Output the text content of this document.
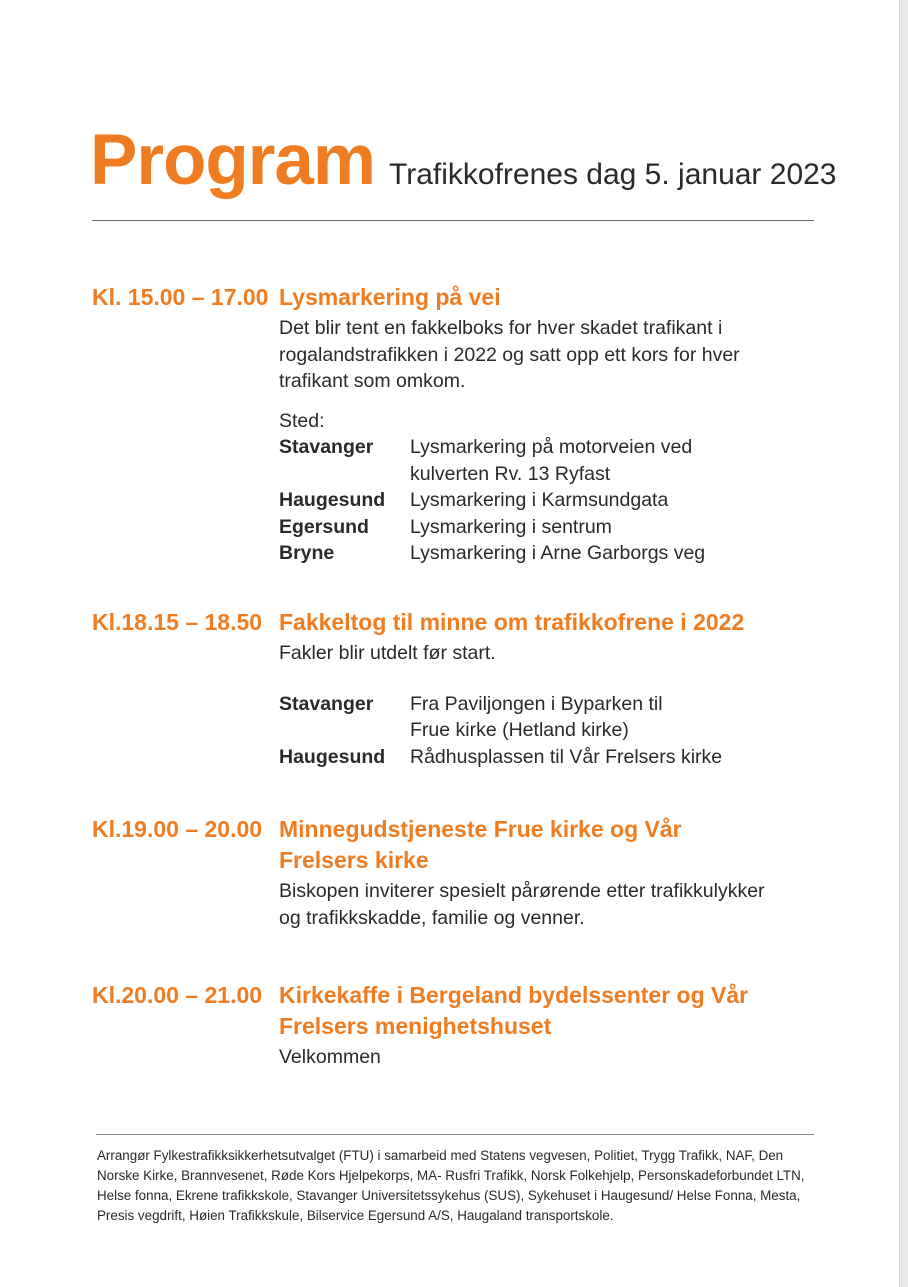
Program Trafikkofrenes dag 5. januar 2023
Kl. 15.00 – 17.00 Lysmarkering på vei
Det blir tent en fakkelboks for hver skadet trafikant i rogalandstrafikken i 2022 og satt opp ett kors for hver trafikant som omkom.
Sted:
Stavanger	Lysmarkering på motorveien ved kulverten Rv. 13 Ryfast
Haugesund	Lysmarkering i Karmsundgata
Egersund	Lysmarkering i sentrum
Bryne	Lysmarkering i Arne Garborgs veg
Kl.18.15 – 18.50 Fakkeltog til minne om trafikkofrene i 2022
Fakler blir utdelt før start.
Stavanger	Fra Paviljongen i Byparken til Frue kirke (Hetland kirke)
Haugesund	Rådhusplassen til Vår Frelsers kirke
Kl.19.00 – 20.00 Minnegudstjeneste Frue kirke og Vår Frelsers kirke
Biskopen inviterer spesielt pårørende etter trafikkulykker og trafikkskadde, familie og venner.
Kl.20.00 – 21.00 Kirkekaffe i Bergeland bydelssenter og Vår Frelsers menighetshuset
Velkommen
Arrangør Fylkestrafikksikkerhetsutvalget (FTU) i samarbeid med Statens vegvesen, Politiet, Trygg Trafikk, NAF, Den Norske Kirke, Brannvesenet, Røde Kors Hjelpekorps, MA- Rusfri Trafikk, Norsk Folkehjelp, Personskadeforbundet LTN, Helse fonna, Ekrene trafikkskole, Stavanger Universitetssykehus (SUS), Sykehuset i Haugesund/ Helse Fonna, Mesta, Presis vegdrift, Høien Trafikkskule, Bilservice Egersund A/S, Haugaland transportskole.
